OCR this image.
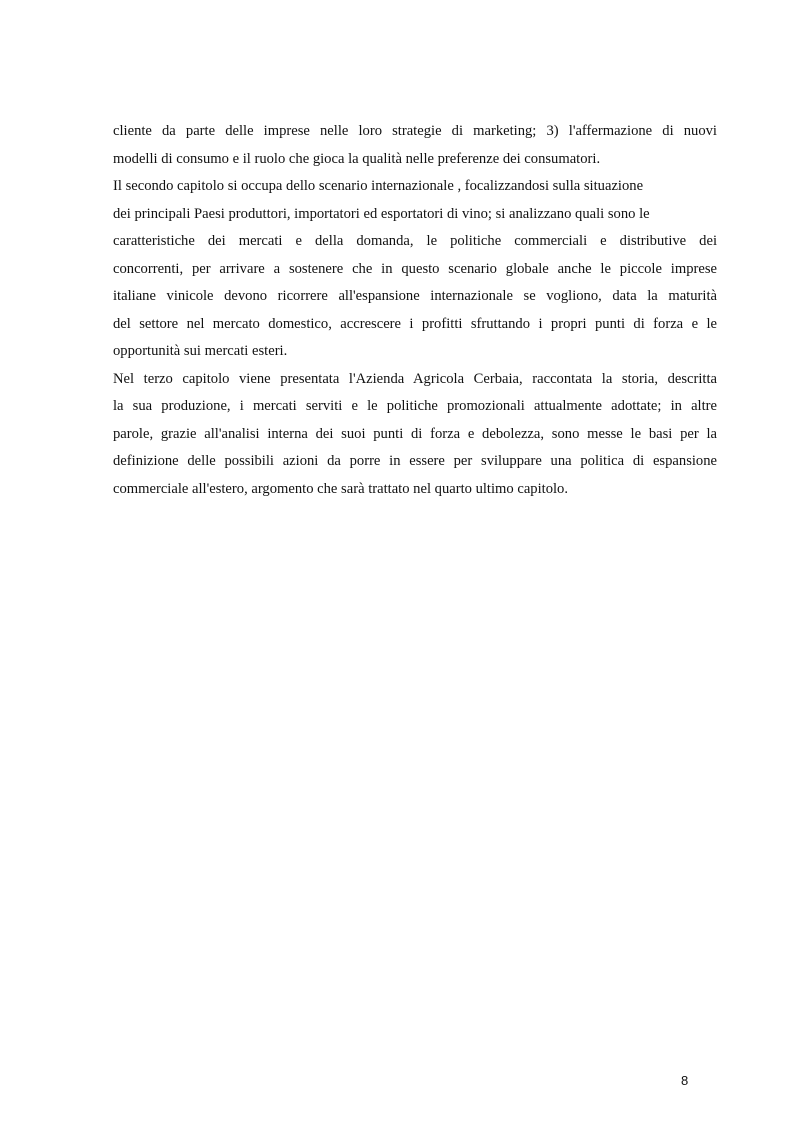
cliente da parte delle imprese nelle loro strategie di marketing; 3) l'affermazione di nuovi
modelli di consumo e il ruolo che gioca la qualità nelle preferenze dei consumatori.
Il secondo capitolo si occupa dello scenario internazionale , focalizzandosi sulla situazione
dei principali Paesi produttori, importatori ed esportatori di vino; si analizzano quali sono le
caratteristiche dei mercati e della domanda, le politiche commerciali e distributive dei
concorrenti, per arrivare a sostenere che in questo scenario globale anche le piccole imprese
italiane vinicole devono ricorrere all'espansione internazionale se vogliono, data la maturità
del settore nel mercato domestico, accrescere i profitti sfruttando i propri punti di forza e le
opportunità sui mercati esteri.
Nel terzo capitolo viene presentata l'Azienda Agricola Cerbaia, raccontata la storia, descritta
la sua produzione, i mercati serviti e le politiche promozionali attualmente adottate; in altre
parole, grazie all'analisi interna dei suoi punti di forza e debolezza, sono messe le basi per la
definizione delle possibili azioni da porre in essere per sviluppare una politica di espansione
commerciale all'estero, argomento che sarà trattato nel quarto ultimo capitolo.
8
